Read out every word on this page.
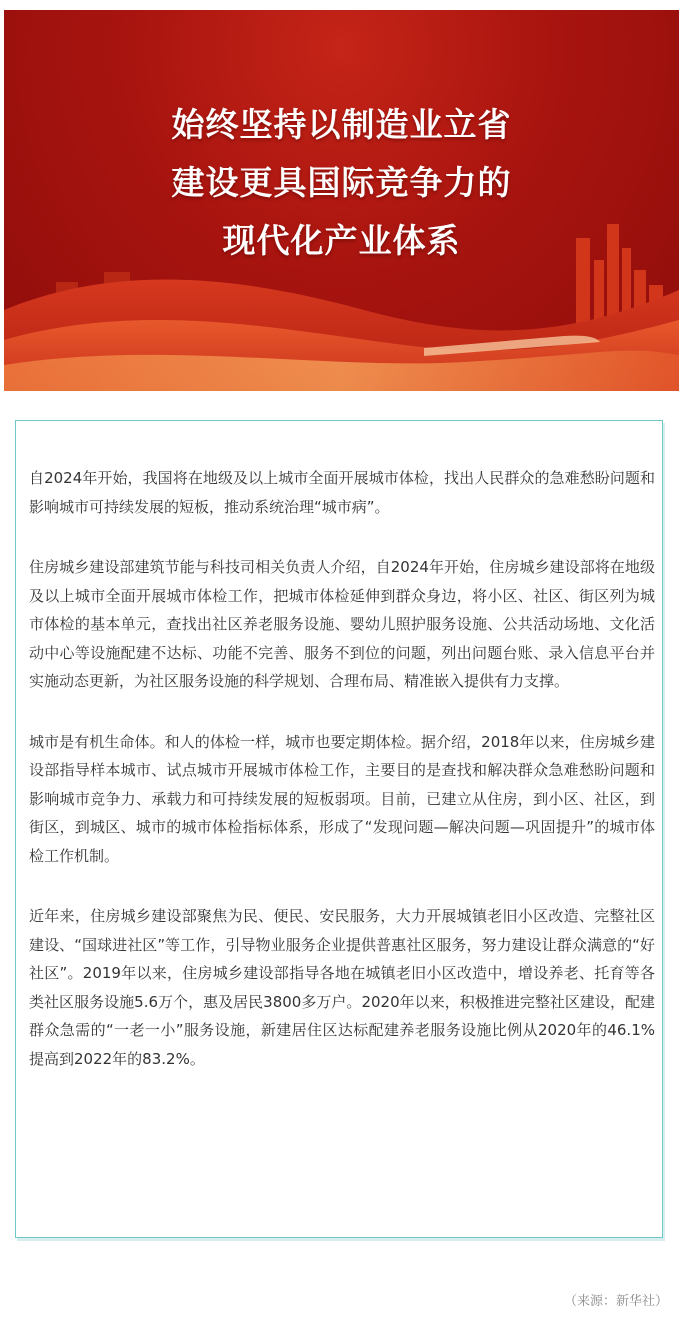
始终坚持以制造业立省
建设更具国际竞争力的
现代化产业体系

自2024年开始，我国将在地级及以上城市全面开展城市体检，找出人民群众的急难愁盼问题和影响城市可持续发展的短板，推动系统治理“城市病”。

住房城乡建设部建筑节能与科技司相关负责人介绍，自2024年开始，住房城乡建设部将在地级及以上城市全面开展城市体检工作，把城市体检延伸到群众身边，将小区、社区、街区列为城市体检的基本单元，查找出社区养老服务设施、婴幼儿照护服务设施、公共活动场地、文化活动中心等设施配建不达标、功能不完善、服务不到位的问题，列出问题台账、录入信息平台并实施动态更新，为社区服务设施的科学规划、合理布局、精准嵌入提供有力支撑。

城市是有机生命体。和人的体检一样，城市也要定期体检。据介绍，2018年以来，住房城乡建设部指导样本城市、试点城市开展城市体检工作，主要目的是查找和解决群众急难愁盼问题和影响城市竞争力、承载力和可持续发展的短板弱项。目前，已建立从住房，到小区、社区，到街区，到城区、城市的城市体检指标体系，形成了“发现问题—解决问题—巩固提升”的城市体检工作机制。

近年来，住房城乡建设部聚焦为民、便民、安民服务，大力开展城镇老旧小区改造、完整社区建设、“国球进社区”等工作，引导物业服务企业提供普惠社区服务，努力建设让群众满意的“好社区”。2019年以来，住房城乡建设部指导各地在城镇老旧小区改造中，增设养老、托育等各类社区服务设施5.6万个，惠及居民3800多万户。2020年以来，积极推进完整社区建设，配建群众急需的“一老一小”服务设施，新建居住区达标配建养老服务设施比例从2020年的46.1%提高到2022年的83.2%。

（来源：新华社）
